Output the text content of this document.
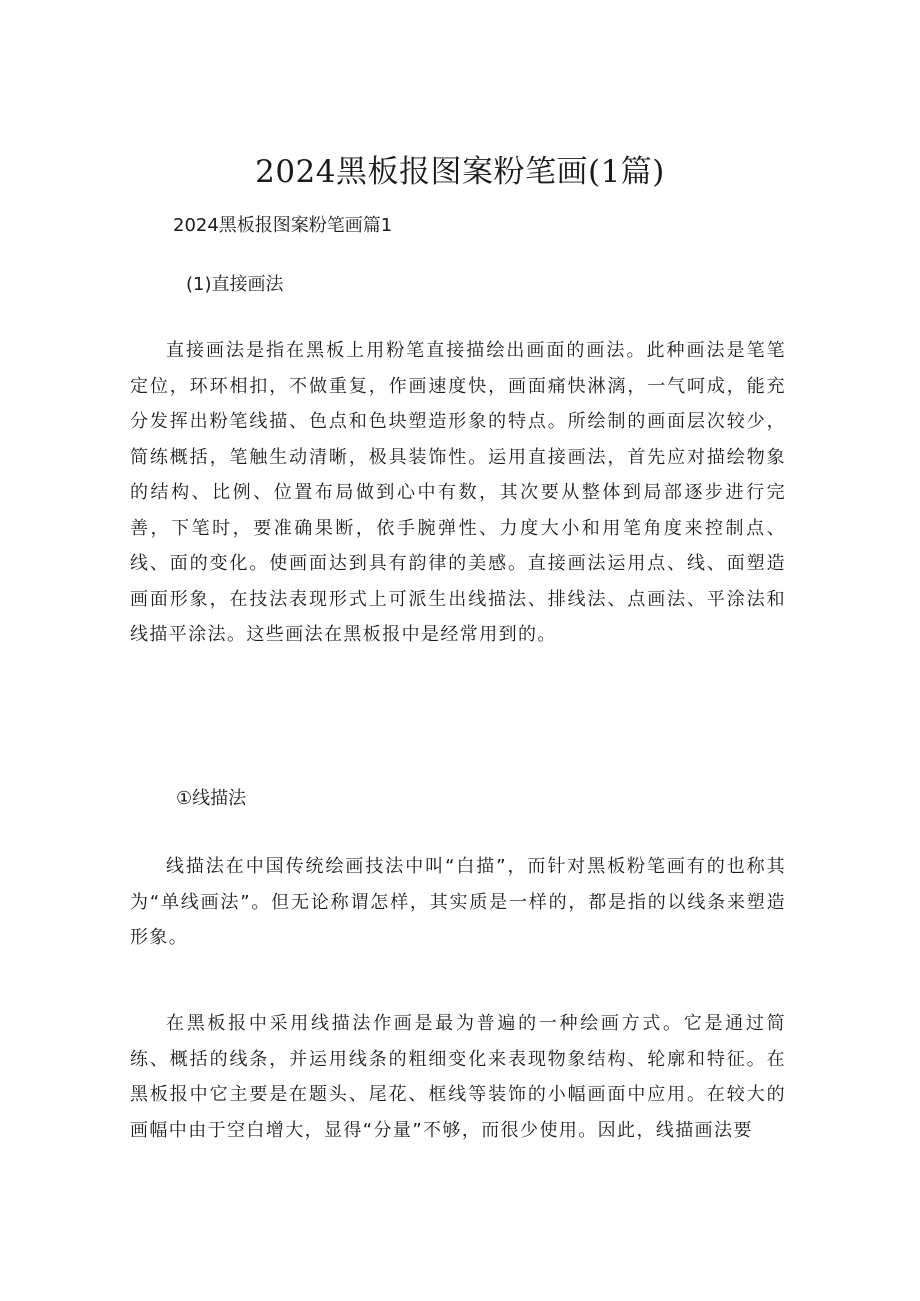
2024黑板报图案粉笔画(1篇)
2024黑板报图案粉笔画篇1
(1)直接画法

直接画法是指在黑板上用粉笔直接描绘出画面的画法。此种画法是笔笔定位，环环相扣，不做重复，作画速度快，画面痛快淋漓，一气呵成，能充分发挥出粉笔线描、色点和色块塑造形象的特点。所绘制的画面层次较少，简练概括，笔触生动清晰，极具装饰性。运用直接画法，首先应对描绘物象的结构、比例、位置布局做到心中有数，其次要从整体到局部逐步进行完善，下笔时，要准确果断，依手腕弹性、力度大小和用笔角度来控制点、线、面的变化。使画面达到具有韵律的美感。直接画法运用点、线、面塑造画面形象，在技法表现形式上可派生出线描法、排线法、点画法、平涂法和线描平涂法。这些画法在黑板报中是经常用到的。

①线描法

线描法在中国传统绘画技法中叫“白描”，而针对黑板粉笔画有的也称其为“单线画法”。但无论称谓怎样，其实质是一样的，都是指的以线条来塑造形象。

在黑板报中采用线描法作画是最为普遍的一种绘画方式。它是通过简练、概括的线条，并运用线条的粗细变化来表现物象结构、轮廓和特征。在黑板报中它主要是在题头、尾花、框线等装饰的小幅画面中应用。在较大的画幅中由于空白增大，显得“分量”不够，而很少使用。因此，线描画法要
